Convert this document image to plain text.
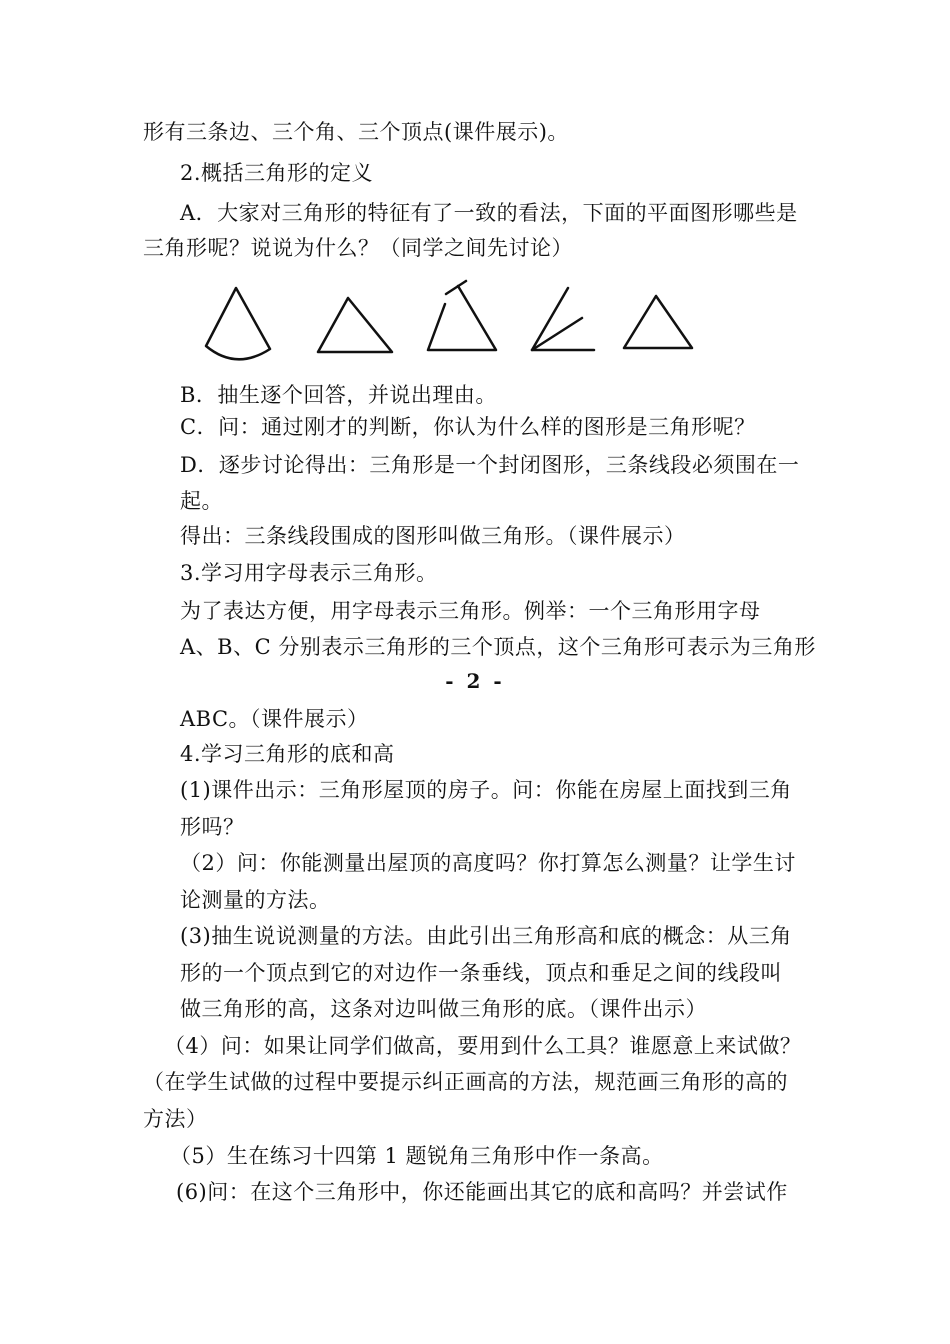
形有三条边、三个角、三个顶点(课件展示)。
2.概括三角形的定义
A．大家对三角形的特征有了一致的看法，下面的平面图形哪些是
三角形呢？说说为什么？（同学之间先讨论）
B．抽生逐个回答，并说出理由。
C．问：通过刚才的判断，你认为什么样的图形是三角形呢？
D．逐步讨论得出：三角形是一个封闭图形，三条线段必须围在一
起。
得出：三条线段围成的图形叫做三角形。（课件展示）
3.学习用字母表示三角形。
为了表达方便，用字母表示三角形。例举：一个三角形用字母
A、B、C 分别表示三角形的三个顶点，这个三角形可表示为三角形
- 2 -
ABC。（课件展示）
4.学习三角形的底和高
(1)课件出示：三角形屋顶的房子。问：你能在房屋上面找到三角
形吗？
（2）问：你能测量出屋顶的高度吗？你打算怎么测量？让学生讨
论测量的方法。
(3)抽生说说测量的方法。由此引出三角形高和底的概念：从三角
形的一个顶点到它的对边作一条垂线，顶点和垂足之间的线段叫
做三角形的高，这条对边叫做三角形的底。（课件出示）
（4）问：如果让同学们做高，要用到什么工具？谁愿意上来试做？
（在学生试做的过程中要提示纠正画高的方法，规范画三角形的高的
方法）
（5）生在练习十四第 1 题锐角三角形中作一条高。
(6)问：在这个三角形中，你还能画出其它的底和高吗？并尝试作
